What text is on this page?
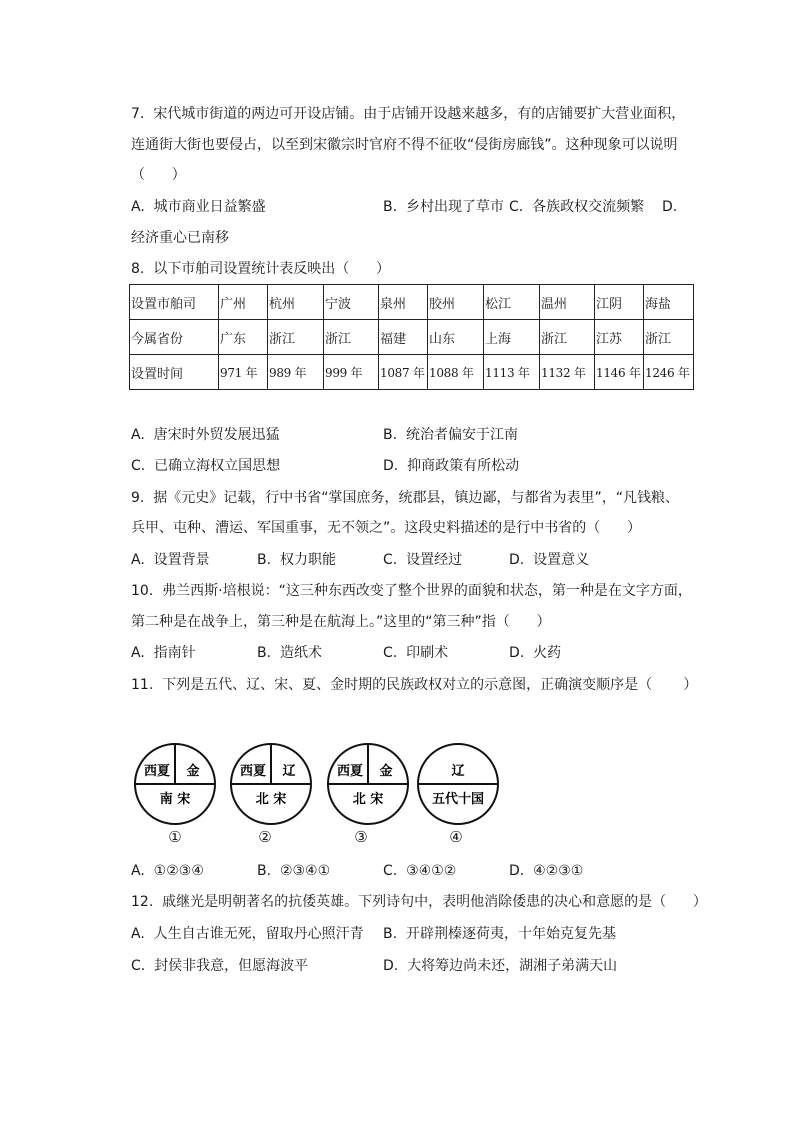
7.  宋代城市街道的两边可开设店铺。由于店铺开设越来越多，有的店铺要扩大营业面积，
连通街大街也要侵占，以至到宋徽宗时官府不得不征收“侵街房廊钱”。这种现象可以说明
（      ）
A.  城市商业日益繁盛	B.  乡村出现了草市 C.  各族政权交流频繁 D.
经济重心已南移
8.  以下市舶司设置统计表反映出（      ）
设置市舶司	广州	杭州	宁波	泉州	胶州	松江	温州	江阴	海盐
今属省份	广东	浙江	浙江	福建	山东	上海	浙江	江苏	浙江
设置时间	971 年	989 年	999 年	1087 年	1088 年	1113 年	1132 年	1146 年	1246 年
A.  唐宋时外贸发展迅猛	B.  统治者偏安于江南
C.  已确立海权立国思想	D.  抑商政策有所松动
9.  据《元史》记载，行中书省“掌国庶务，统郡县，镇边鄙，与都省为表里”，“凡钱粮、
兵甲、屯种、漕运、军国重事，无不领之”。这段史料描述的是行中书省的（      ）
A.  设置背景	B.  权力职能	C.  设置经过	D.  设置意义
10.  弗兰西斯·培根说：“这三种东西改变了整个世界的面貌和状态，第一种是在文字方面，
第二种是在战争上，第三种是在航海上。”这里的“第三种”指（      ）
A.  指南针	B.  造纸术	C.  印刷术	D.  火药
11.  下列是五代、辽、宋、夏、金时期的民族政权对立的示意图，正确演变顺序是（       ）
西夏 金
南 宋
①
西夏 辽
北 宋
②
西夏 金
北 宋
③
辽
五代十国
④
A.  ①②③④	B.  ②③④①	C.  ③④①②	D.  ④②③①
12.  戚继光是明朝著名的抗倭英雄。下列诗句中，表明他消除倭患的决心和意愿的是（      ）
A.  人生自古谁无死，留取丹心照汗青 B.  开辟荆榛逐荷夷，十年始克复先基
C.  封侯非我意，但愿海波平	D.  大将筹边尚未还，湖湘子弟满天山
